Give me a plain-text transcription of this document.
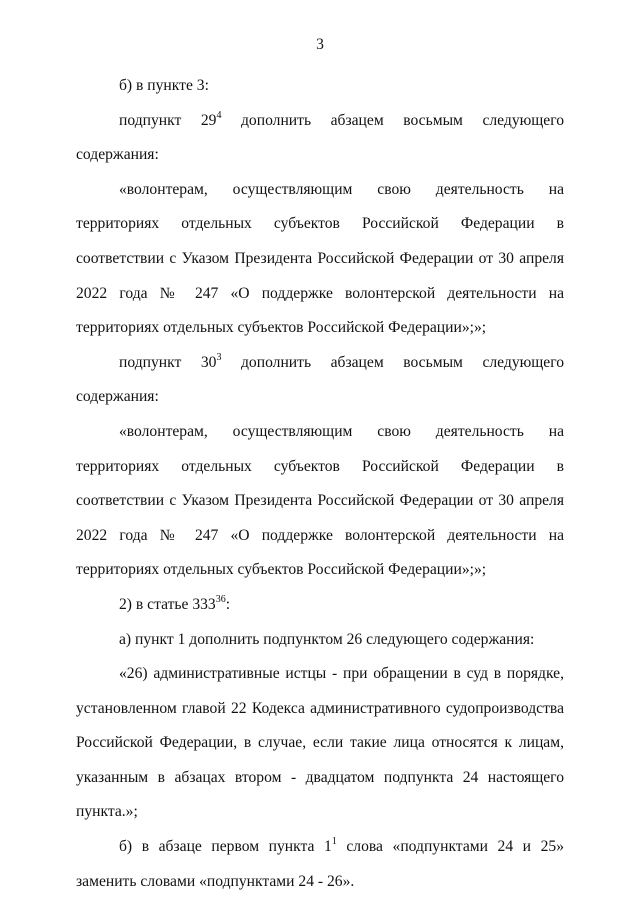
3

б) в пункте 3:

подпункт $29^4$ дополнить абзацем восьмым следующего содержания:

«волонтерам, осуществляющим свою деятельность на территориях отдельных субъектов Российской Федерации в соответствии с Указом Президента Российской Федерации от 30 апреля 2022 года № 247 «О поддержке волонтерской деятельности на территориях отдельных субъектов Российской Федерации»;»;

подпункт $30^3$ дополнить абзацем восьмым следующего содержания:

«волонтерам, осуществляющим свою деятельность на территориях отдельных субъектов Российской Федерации в соответствии с Указом Президента Российской Федерации от 30 апреля 2022 года № 247 «О поддержке волонтерской деятельности на территориях отдельных субъектов Российской Федерации»;»;

2) в статье $333^{36}$:

а) пункт 1 дополнить подпунктом 26 следующего содержания:

«26) административные истцы - при обращении в суд в порядке, установленном главой 22 Кодекса административного судопроизводства Российской Федерации, в случае, если такие лица относятся к лицам, указанным в абзацах втором - двадцатом подпункта 24 настоящего пункта.»;

б) в абзаце первом пункта $1^1$ слова «подпунктами 24 и 25» заменить словами «подпунктами 24 - 26».
